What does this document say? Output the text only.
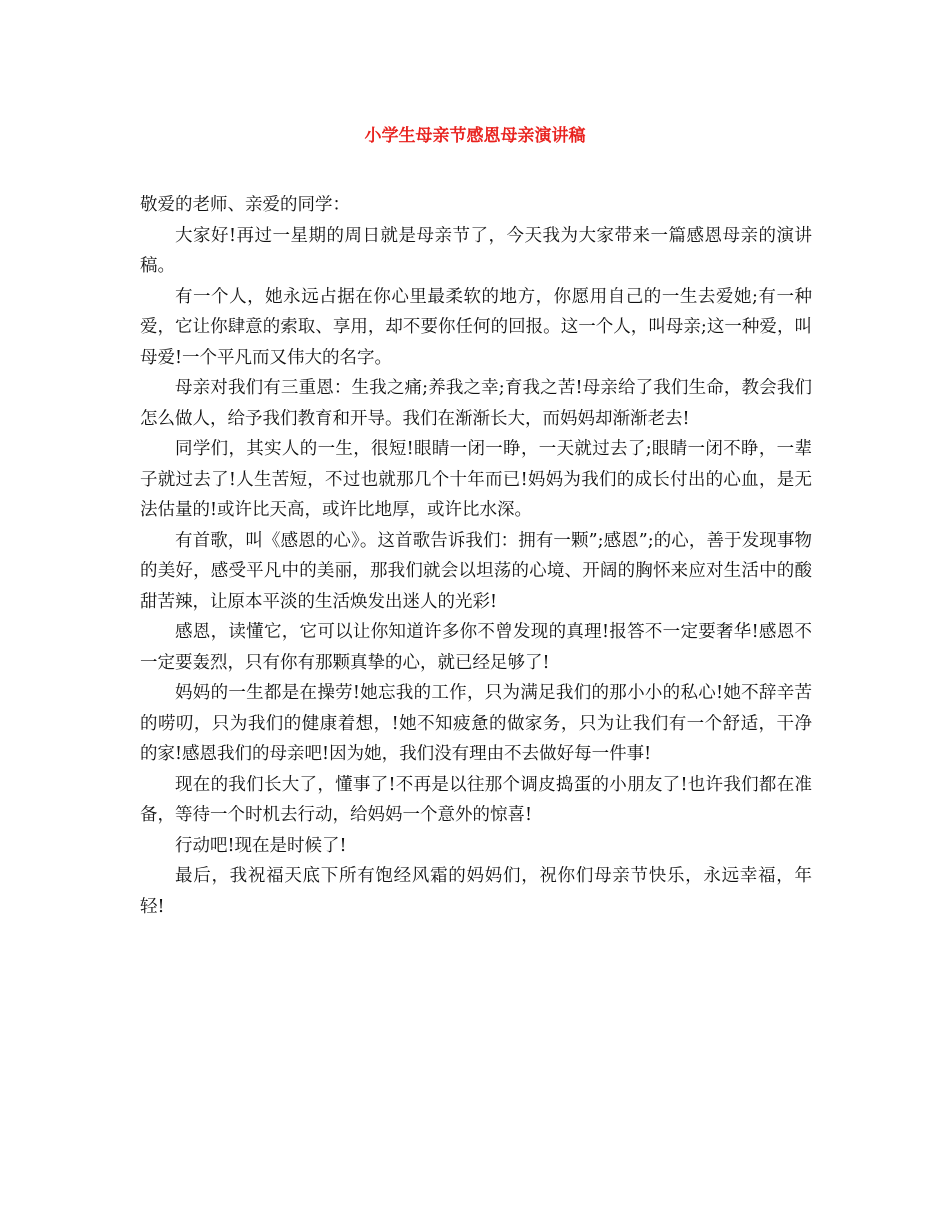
小学生母亲节感恩母亲演讲稿

敬爱的老师、亲爱的同学：

大家好!再过一星期的周日就是母亲节了，今天我为大家带来一篇感恩母亲的演讲稿。

有一个人，她永远占据在你心里最柔软的地方，你愿用自己的一生去爱她;有一种爱，它让你肆意的索取、享用，却不要你任何的回报。这一个人，叫母亲;这一种爱，叫母爱!一个平凡而又伟大的名字。

母亲对我们有三重恩：生我之痛;养我之幸;育我之苦!母亲给了我们生命，教会我们怎么做人，给予我们教育和开导。我们在渐渐长大，而妈妈却渐渐老去!

同学们，其实人的一生，很短!眼睛一闭一睁，一天就过去了;眼睛一闭不睁，一辈子就过去了!人生苦短，不过也就那几个十年而已!妈妈为我们的成长付出的心血，是无法估量的!或许比天高，或许比地厚，或许比水深。

有首歌，叫《感恩的心》。这首歌告诉我们：拥有一颗”;感恩”;的心，善于发现事物的美好，感受平凡中的美丽，那我们就会以坦荡的心境、开阔的胸怀来应对生活中的酸甜苦辣，让原本平淡的生活焕发出迷人的光彩!

感恩，读懂它，它可以让你知道许多你不曾发现的真理!报答不一定要奢华!感恩不一定要轰烈，只有你有那颗真挚的心，就已经足够了!

妈妈的一生都是在操劳!她忘我的工作，只为满足我们的那小小的私心!她不辞辛苦的唠叨，只为我们的健康着想，!她不知疲惫的做家务，只为让我们有一个舒适，干净的家!感恩我们的母亲吧!因为她，我们没有理由不去做好每一件事!

现在的我们长大了，懂事了!不再是以往那个调皮捣蛋的小朋友了!也许我们都在准备，等待一个时机去行动，给妈妈一个意外的惊喜!

行动吧!现在是时候了!

最后，我祝福天底下所有饱经风霜的妈妈们，祝你们母亲节快乐，永远幸福，年轻!
